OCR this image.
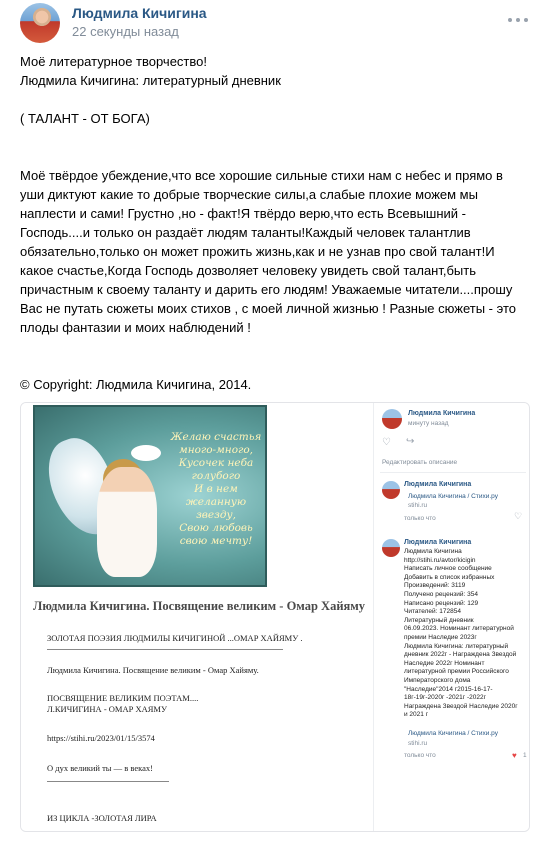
Людмила Кичигина
22 секунды назад

Моё литературное творчество!

Людмила Кичигина: литературный дневник

( ТАЛАНТ - ОТ БОГА)

Моё твёрдое убеждение,что все хорошие сильные стихи нам с небес и прямо в

уши диктуют какие то добрые творческие силы,а слабые плохие можем мы

наплести и сами! Грустно ,но - факт!Я твёрдо верю,что есть Всевышний -

Господь....и только он раздаёт людям таланты!Каждый человек талантлив

обязательно,только он может прожить жизнь,как и не узнав про свой талант!И

какое счастье,Когда Господь дозволяет человеку увидеть свой талант,быть

причастным к своему таланту и дарить его людям! Уважаемые читатели....прошу

Вас не путать сюжеты моих стихов , с моей личной жизнью ! Разные сюжеты - это

плоды фантазии и моих наблюдений !

© Copyright: Людмила Кичигина, 2014.

Желаю счастья
много-много,
Кусочек неба голубого
И в нем
желанную звезду,
Свою любовь
свою мечту!
Людмила Кичигина. Посвящение великим - Омар Хайяму
ЗОЛОТАЯ ПОЭЗИЯ ЛЮДМИЛЫ КИЧИГИНОЙ ...ОМАР ХАЙЯМУ .
Людмила Кичигина. Посвящение великим - Омар Хайяму.
ПОСВЯЩЕНИЕ ВЕЛИКИМ ПОЭТАМ....
Л.КИЧИГИНА - ОМАР ХАЯМУ
https://stihi.ru/2023/01/15/3574
О дух великий ты — в веках!
ИЗ ЦИКЛА -ЗОЛОТАЯ ЛИРА
Людмила Кичигина
минуту назад
♡ ↪
Редактировать описание
Людмила Кичигина
Людмила Кичигина / Стихи.ру
stihi.ru
только что	♡
Людмила Кичигина
Людмила Кичигина
http://stihi.ru/avtor/kicigin
Написать личное сообщение
Добавить в список избранных
Произведений: 3119
Получено рецензий: 354
Написано рецензий: 129
Читателей: 172854
Литературный дневник
06.09.2023. Номинант литературной
премии Наследие 2023г
Людмила Кичигина: литературный
дневник 2022г - Награждена Звездой
Наследие 2022г Номинант
литературной премии Российского
Императорского дома
"Наследие"2014 г2015-16-17-
18г-19г-2020г -2021г -2022г
Награждена Звездой Наследие 2020г
и 2021 г
Людмила Кичигина / Стихи.ру
stihi.ru
только что	♥ 1
